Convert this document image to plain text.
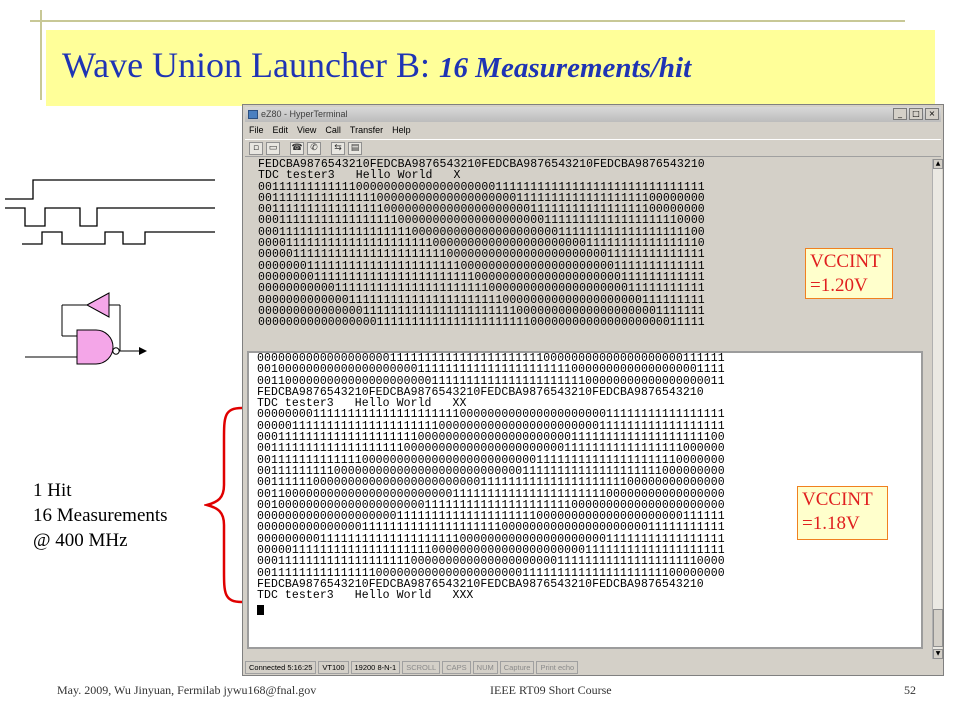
Wave Union Launcher B: 16 Measurements/hit
1 Hit
16 Measurements
@ 400 MHz
eZ80 - HyperTerminal	_	□	×
File Edit View Call Transfer Help
▫	▭	☎ ✆	⇆ ▤
FEDCBA9876543210FEDCBA9876543210FEDCBA9876543210FEDCBA9876543210
TDC tester3   Hello World   X
0011111111111100000000000000000000111111111111111111111111111111
0011111111111111100000000000000000000111111111111111111100000000
0011111111111111110000000000000000000001111111111111111100000000
0001111111111111111100000000000000000000011111111111111111110000
0001111111111111111111000000000000000000000111111111111111111100
0000111111111111111111111000000000000000000000011111111111111110
0000011111111111111111111110000000000000000000000011111111111111
0000000111111111111111111111100000000000000000000001111111111111
0000000011111111111111111111111000000000000000000000111111111111
0000000000011111111111111111111110000000000000000000011111111111
0000000000000111111111111111111111100000000000000000000111111111
0000000000000001111111111111111111111000000000000000000001111111
0000000000000000011111111111111111111110000000000000000000011111
0000000000000000000111111111111111111111100000000000000000000111111
0010000000000000000000011111111111111111111110000000000000000001111
0011000000000000000000000111111111111111111111100000000000000000011
FEDCBA9876543210FEDCBA9876543210FEDCBA9876543210FEDCBA9876543210
TDC tester3   Hello World   XX
0000000011111111111111111111100000000000000000000011111111111111111
0000011111111111111111111100000000000000000000000111111111111111111
0001111111111111111111100000000000000000000001111111111111111111100
0011111111111111111110000000000000000000000011111111111111111000000
0011111111111110000000000000000000000000111111111111111111110000000
0011111111100000000000000000000000000011111111111111111111000000000
0011111100000000000000000000000011111111111111111111100000000000000
0011000000000000000000000000111111111111111111111100000000000000000
0010000000000000000000001111111111111111111110000000000000000000000
0000000000000000000011111111111111111111000000000000000000000111111
0000000000000001111111111111111111100000000000000000000011111111111
0000000001111111111111111111100000000000000000000011111111111111111
0000011111111111111111111000000000000000000000011111111111111111111
0001111111111111111111000000000000000000000111111111111111111110000
0011111111111111100000000000000000000011111111111111111111100000000
FEDCBA9876543210FEDCBA9876543210FEDCBA9876543210FEDCBA9876543210
TDC tester3   Hello World   XXX
▲
▼
Connected 5:16:25	VT100	19200 8-N-1	SCROLL	CAPS	NUM	Capture	Print echo
VCCINT
=1.20V
VCCINT
=1.18V
May. 2009, Wu Jinyuan, Fermilab jywu168@fnal.gov	IEEE RT09 Short Course	52
